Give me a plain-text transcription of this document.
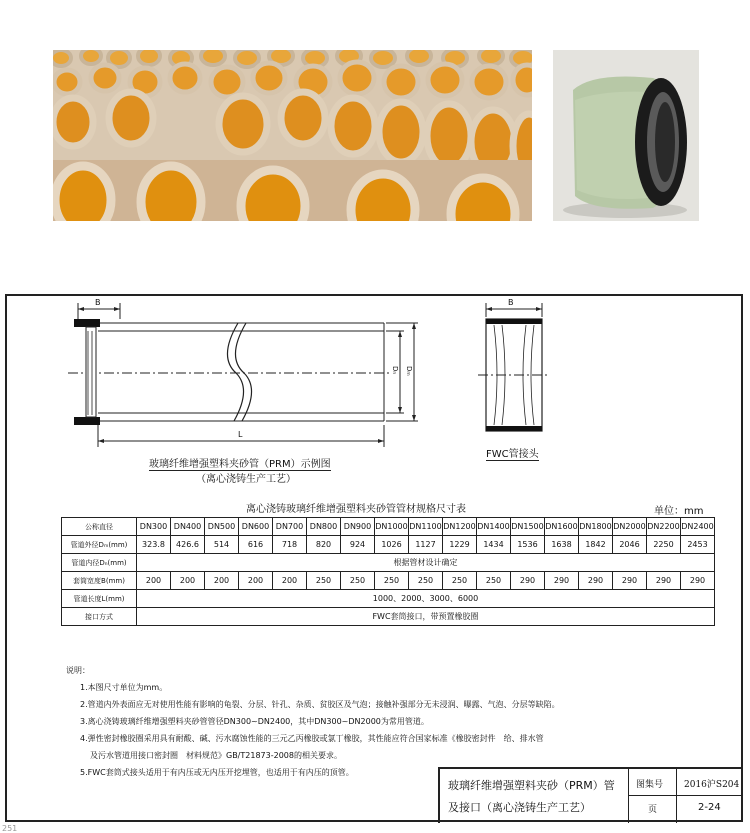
B
L
Dₙ Dₘ
B
玻璃纤维增强塑料夹砂管（PRM）示例图
（离心浇铸生产工艺）
FWC管接头
离心浇铸玻璃纤维增强塑料夹砂管管材规格尺寸表	单位：mm
公称直径	DN300	DN400	DN500	DN600	DN700	DN800	DN900	DN1000	DN1100	DN1200	DN1400	DN1500	DN1600	DN1800	DN2000	DN2200	DN2400
管道外径Dₘ(mm)	323.8	426.6	514	616	718	820	924	1026	1127	1229	1434	1536	1638	1842	2046	2250	2453
管道内径Dₙ(mm)	根据管材设计确定																
套筒宽度B(mm)	200	200	200	200	200	250	250	250	250	250	250	290	290	290	290	290	290
管道长度L(mm)	1000、2000、3000、6000																
接口方式	FWC套筒接口，带预置橡胶圈																
说明：
1.本图尺寸单位为mm。
2.管道内外表面应无对使用性能有影响的龟裂、分层、针孔、杂质、贫胶区及气泡；接触补强部分无未浸润、曝露、气泡、分层等缺陷。
3.离心浇铸玻璃纤维增强塑料夹砂管管径DN300~DN2400，其中DN300~DN2000为常用管道。
4.弹性密封橡胶圈采用具有耐酸、碱、污水腐蚀性能的三元乙丙橡胶或氯丁橡胶，其性能应符合国家标准《橡胶密封件　给、排水管
及污水管道用接口密封圈　材料规范》GB/T21873-2008的相关要求。
5.FWC套筒式接头适用于有内压或无内压开挖埋管，也适用于有内压的顶管。
玻璃纤维增强塑料夹砂（PRM）管
及接口（离心浇铸生产工艺）
图集号 2016沪S204
页	2-24
251
